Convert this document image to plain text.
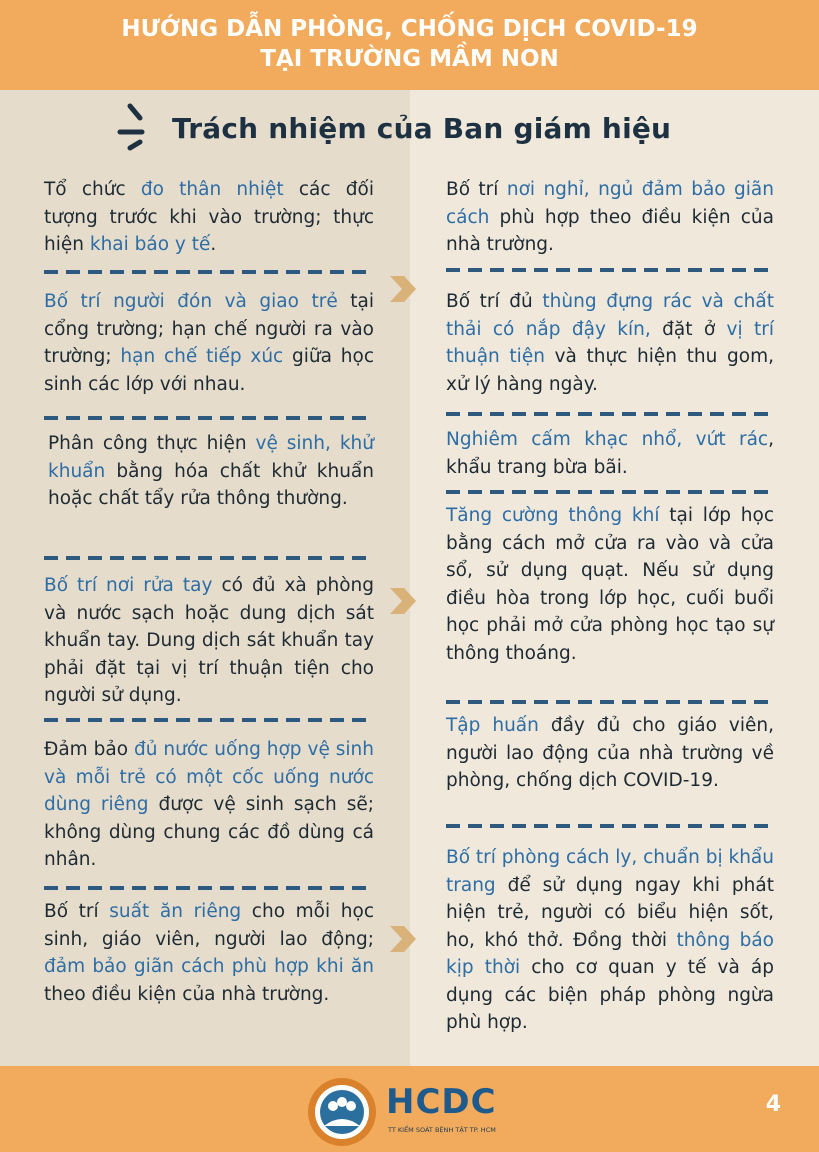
HƯỚNG DẪN PHÒNG, CHỐNG DỊCH COVID-19
TẠI TRƯỜNG MẦM NON
Trách nhiệm của Ban giám hiệu
Tổ chức đo thân nhiệt các đối tượng trước khi vào trường; thực hiện khai báo y tế.
Bố trí người đón và giao trẻ tại cổng trường; hạn chế người ra vào trường; hạn chế tiếp xúc giữa học sinh các lớp với nhau.
Phân công thực hiện vệ sinh, khử khuẩn bằng hóa chất khử khuẩn hoặc chất tẩy rửa thông thường.
Bố trí nơi rửa tay có đủ xà phòng và nước sạch hoặc dung dịch sát khuẩn tay. Dung dịch sát khuẩn tay phải đặt tại vị trí thuận tiện cho người sử dụng.
Đảm bảo đủ nước uống hợp vệ sinh và mỗi trẻ có một cốc uống nước dùng riêng được vệ sinh sạch sẽ; không dùng chung các đồ dùng cá nhân.
Bố trí suất ăn riêng cho mỗi học sinh, giáo viên, người lao động; đảm bảo giãn cách phù hợp khi ăn theo điều kiện của nhà trường.
Bố trí nơi nghỉ, ngủ đảm bảo giãn cách phù hợp theo điều kiện của nhà trường.
Bố trí đủ thùng đựng rác và chất thải có nắp đậy kín, đặt ở vị trí thuận tiện và thực hiện thu gom, xử lý hàng ngày.
Nghiêm cấm khạc nhổ, vứt rác, khẩu trang bừa bãi.
Tăng cường thông khí tại lớp học bằng cách mở cửa ra vào và cửa sổ, sử dụng quạt. Nếu sử dụng điều hòa trong lớp học, cuối buổi học phải mở cửa phòng học tạo sự thông thoáng.
Tập huấn đầy đủ cho giáo viên, người lao động của nhà trường về phòng, chống dịch COVID-19.
Bố trí phòng cách ly, chuẩn bị khẩu trang để sử dụng ngay khi phát hiện trẻ, người có biểu hiện sốt, ho, khó thở. Đồng thời thông báo kịp thời cho cơ quan y tế và áp dụng các biện pháp phòng ngừa phù hợp.
HCDC
TT KIỂM SOÁT BỆNH TẬT TP. HCM
4
